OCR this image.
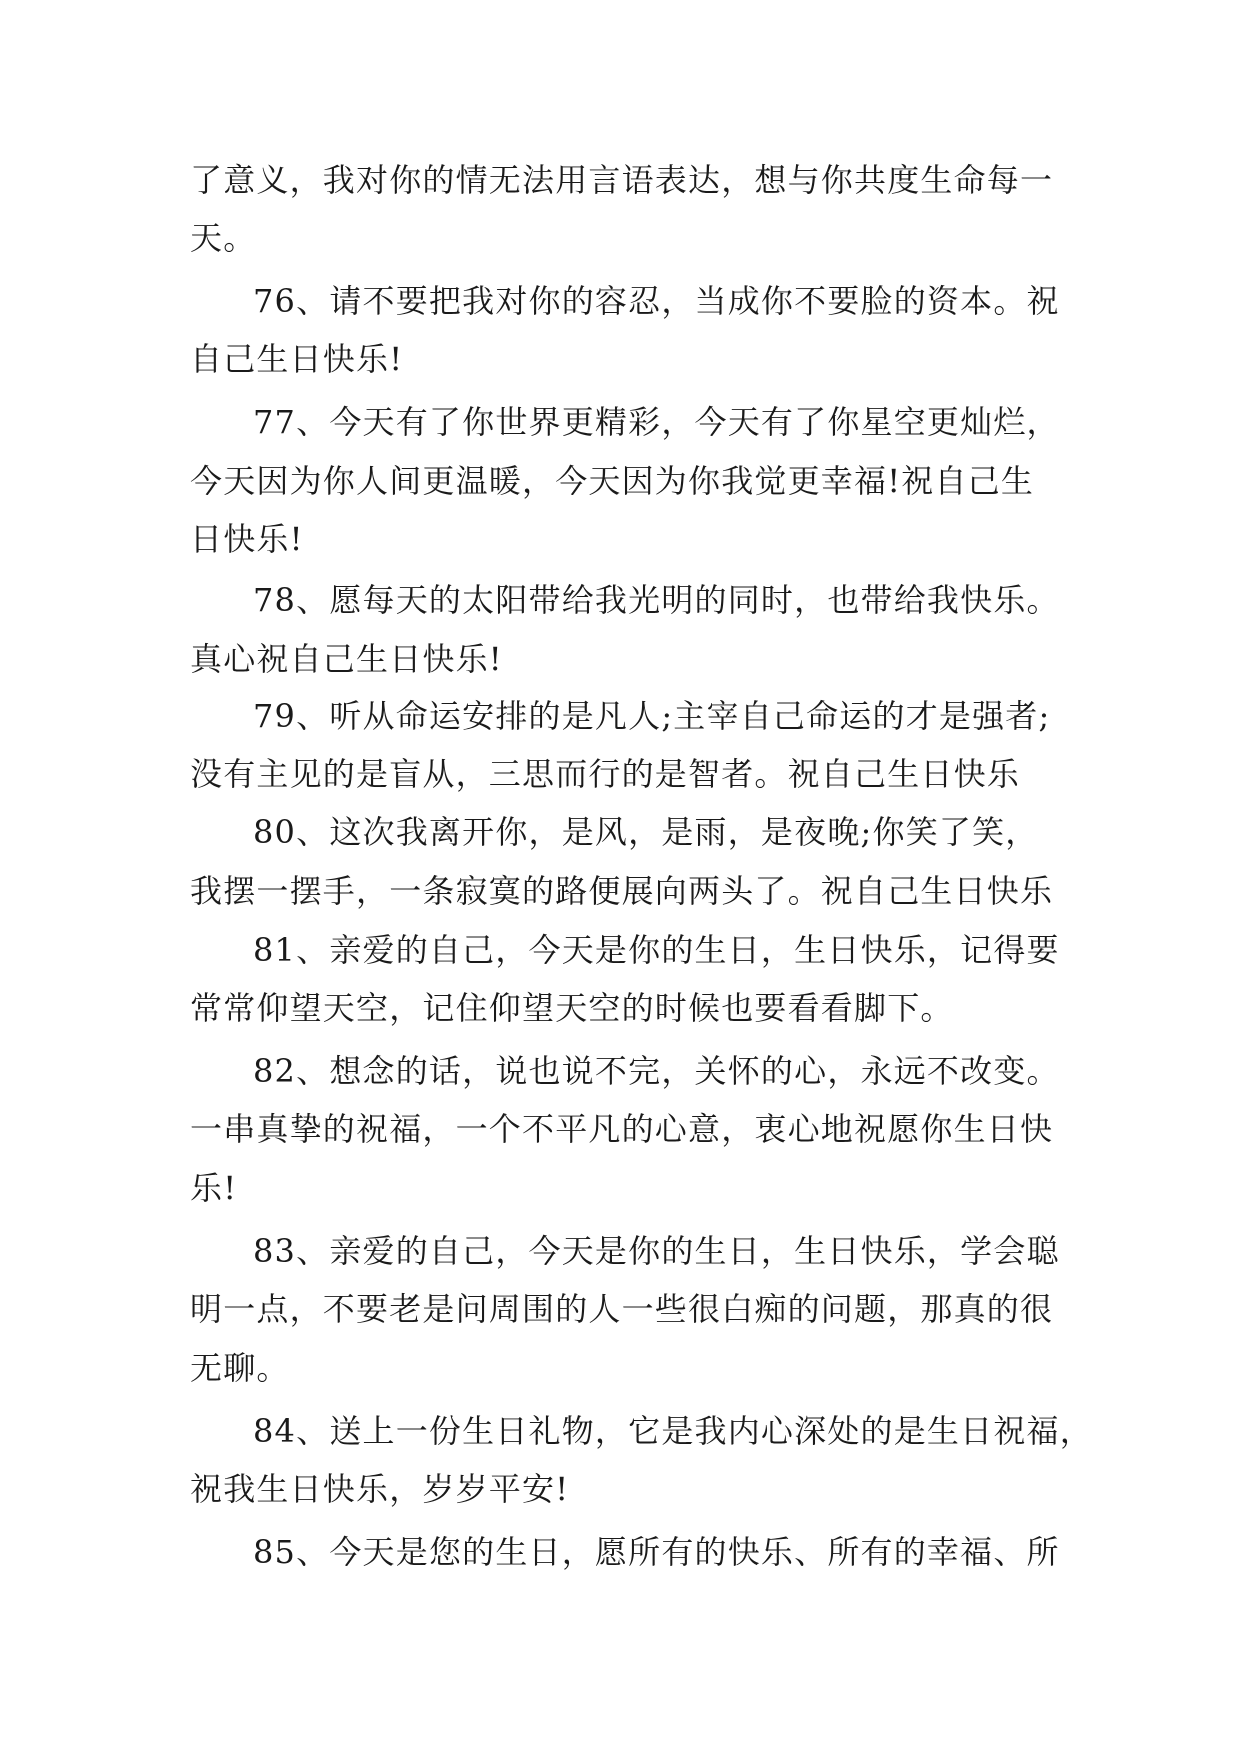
了意义，我对你的情无法用言语表达，想与你共度生命每一
天。
76、请不要把我对你的容忍，当成你不要脸的资本。祝
自己生日快乐!
77、今天有了你世界更精彩，今天有了你星空更灿烂，
今天因为你人间更温暖，今天因为你我觉更幸福!祝自己生
日快乐!
78、愿每天的太阳带给我光明的同时，也带给我快乐。
真心祝自己生日快乐!
79、听从命运安排的是凡人;主宰自己命运的才是强者;
没有主见的是盲从，三思而行的是智者。祝自己生日快乐
80、这次我离开你，是风，是雨，是夜晚;你笑了笑，
我摆一摆手，一条寂寞的路便展向两头了。祝自己生日快乐
81、亲爱的自己，今天是你的生日，生日快乐，记得要
常常仰望天空，记住仰望天空的时候也要看看脚下。
82、想念的话，说也说不完，关怀的心，永远不改变。
一串真挚的祝福，一个不平凡的心意，衷心地祝愿你生日快
乐!
83、亲爱的自己，今天是你的生日，生日快乐，学会聪
明一点，不要老是问周围的人一些很白痴的问题，那真的很
无聊。
84、送上一份生日礼物，它是我内心深处的是生日祝福，
祝我生日快乐，岁岁平安!
85、今天是您的生日，愿所有的快乐、所有的幸福、所
